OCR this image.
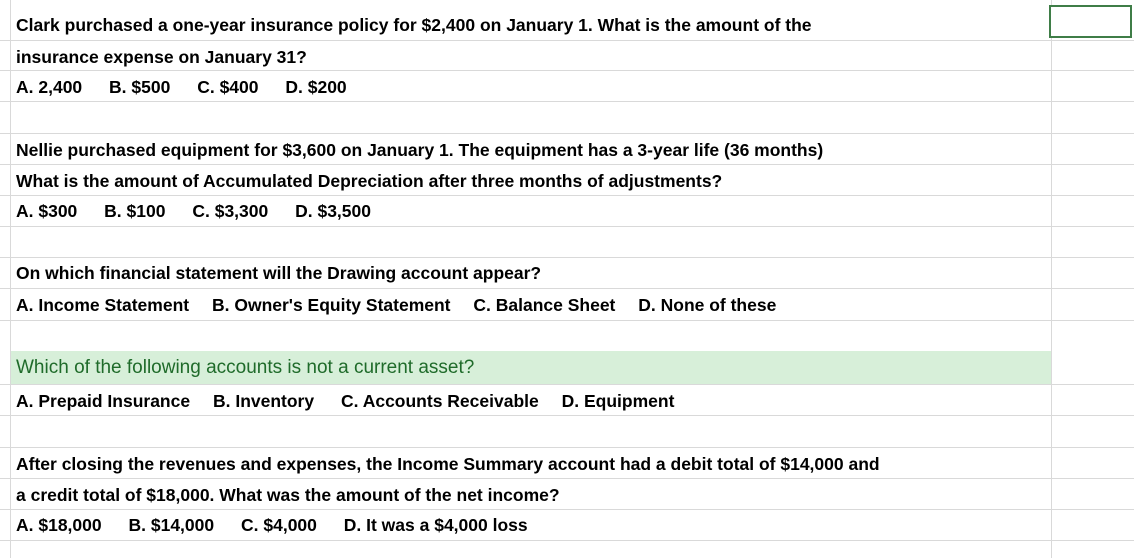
Clark purchased a one-year insurance policy for $2,400 on January 1. What is the amount of the
insurance expense on January 31?
A. 2,400 B. $500 C. $400 D. $200
Nellie purchased equipment for $3,600 on January 1. The equipment has a 3-year life (36 months)
What is the amount of Accumulated Depreciation after three months of adjustments?
A. $300 B. $100 C. $3,300 D. $3,500
On which financial statement will the Drawing account appear?
A. Income Statement B. Owner's Equity Statement C. Balance Sheet D. None of these
Which of the following accounts is not a current asset?
A. Prepaid Insurance B. Inventory C. Accounts Receivable D. Equipment
After closing the revenues and expenses, the Income Summary account had a debit total of $14,000 and
a credit total of $18,000. What was the amount of the net income?
A. $18,000 B. $14,000 C. $4,000 D. It was a $4,000 loss
